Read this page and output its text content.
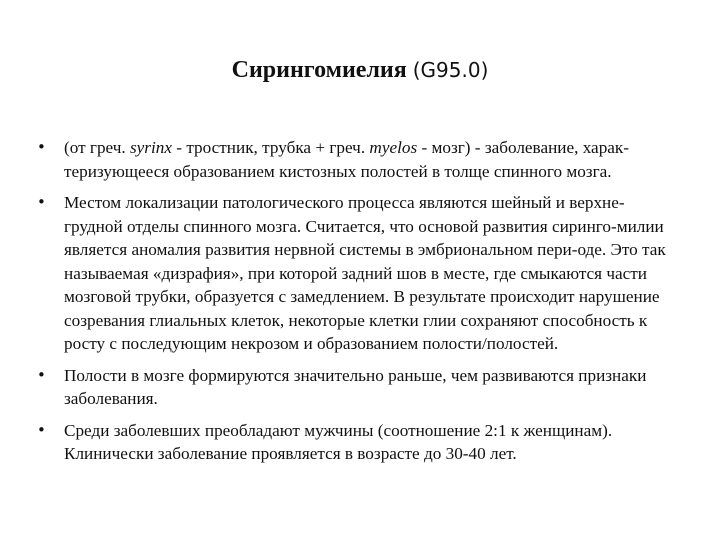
Сирингомиелия (G95.0)
• (от греч. syrinx - тростник, трубка + греч. myelos - мозг) - заболевание, харак-теризующееся образованием кистозных полостей в толще спинного мозга.
• Местом локализации патологического процесса являются шейный и верхне-грудной отделы спинного мозга. Считается, что основой развития сиринго-милии является аномалия развития нервной системы в эмбриональном пери-оде. Это так называемая «дизрафия», при которой задний шов в месте, где смыкаются части мозговой трубки, образуется с замедлением. В результате происходит нарушение созревания глиальных клеток, некоторые клетки глии сохраняют способность к росту с последующим некрозом и образованием полости/полостей.
• Полости в мозге формируются значительно раньше, чем развиваются признаки заболевания.
• Среди заболевших преобладают мужчины (соотношение 2:1 к женщинам). Клинически заболевание проявляется в возрасте до 30-40 лет.
